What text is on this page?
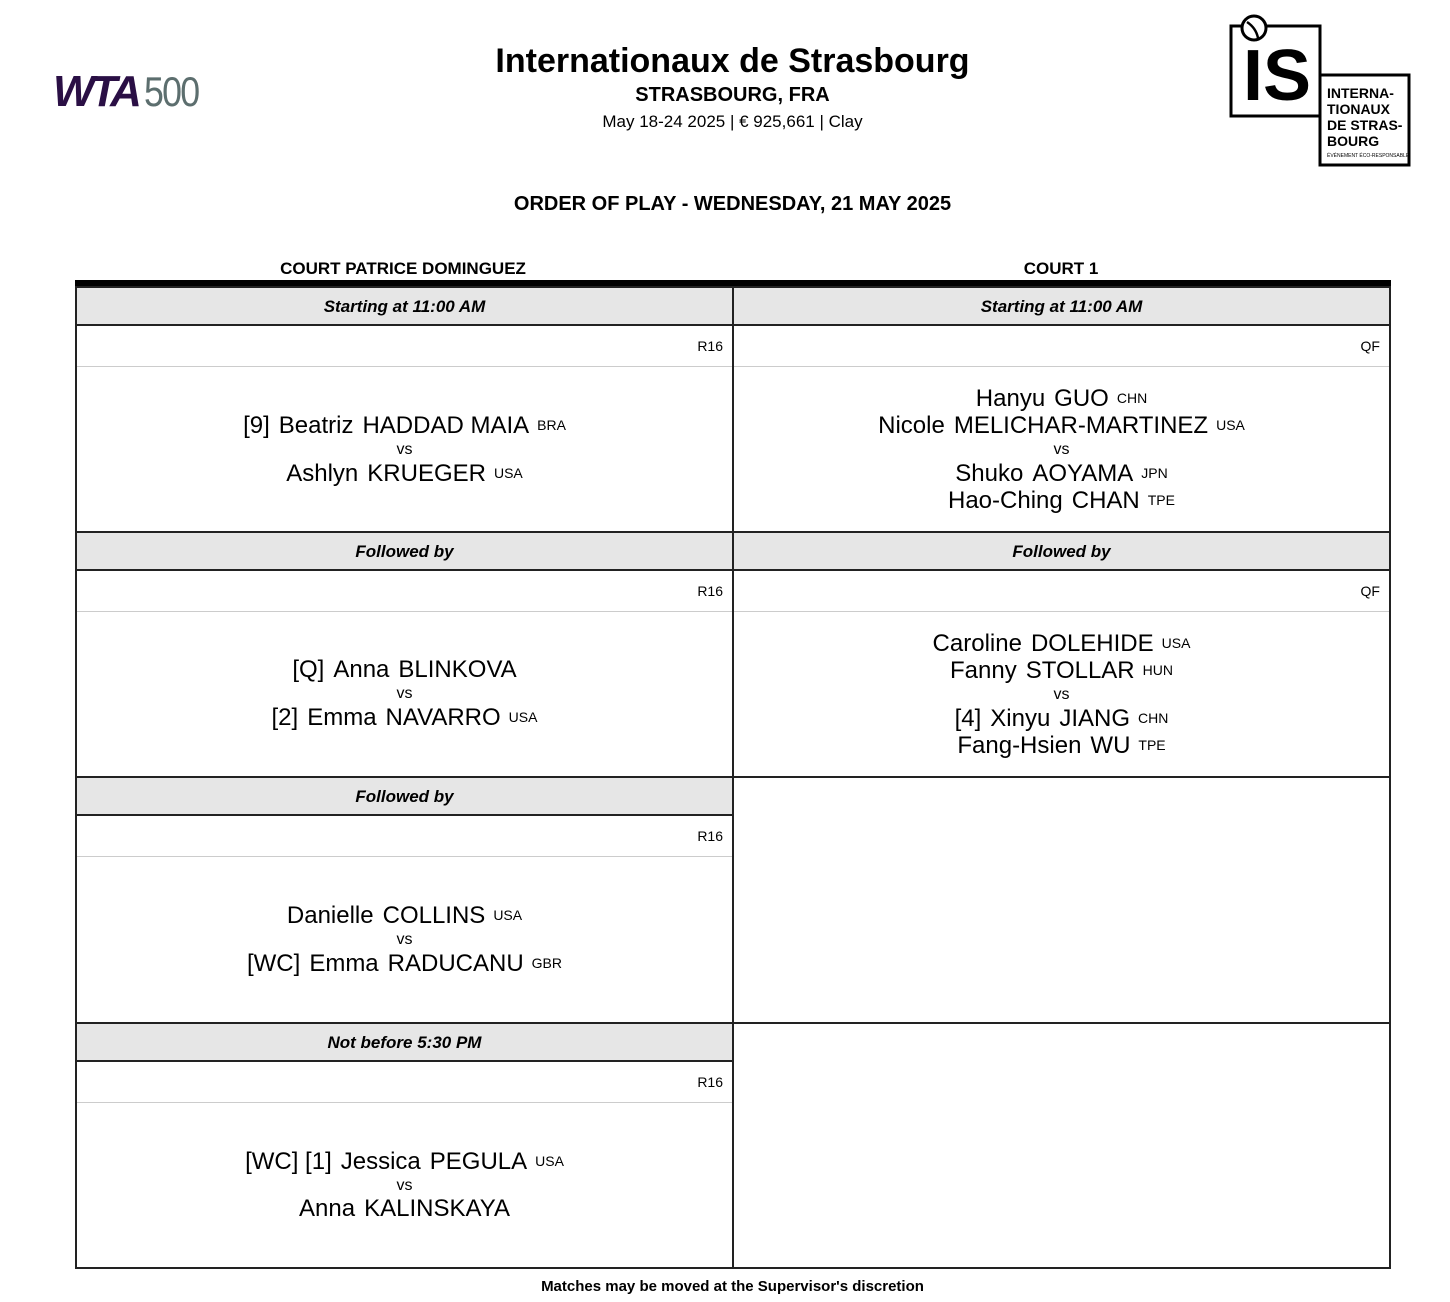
WTA 500
Internationaux de Strasbourg
STRASBOURG, FRA
May 18-24 2025 | € 925,661 | Clay
IS INTERNA-
TIONAUX
DE STRAS-
BOURG
ÉVÉNEMENT ÉCO-RESPONSABLE
ORDER OF PLAY - WEDNESDAY, 21 MAY 2025
COURT PATRICE DOMINGUEZ	COURT 1
Starting at 11:00 AM
R16
[9] Beatriz HADDAD MAIA BRA
vs
Ashlyn KRUEGER USA
Followed by
R16
[Q] Anna BLINKOVA
vs
[2] Emma NAVARRO USA
Followed by
R16
Danielle COLLINS USA
vs
[WC] Emma RADUCANU GBR
Not before 5:30 PM
R16
[WC] [1] Jessica PEGULA USA
vs
Anna KALINSKAYA
Starting at 11:00 AM
QF
Hanyu GUO CHN
Nicole MELICHAR-MARTINEZ USA
vs
Shuko AOYAMA JPN
Hao-Ching CHAN TPE
Followed by
QF
Caroline DOLEHIDE USA
Fanny STOLLAR HUN
vs
[4] Xinyu JIANG CHN
Fang-Hsien WU TPE
Matches may be moved at the Supervisor's discretion
